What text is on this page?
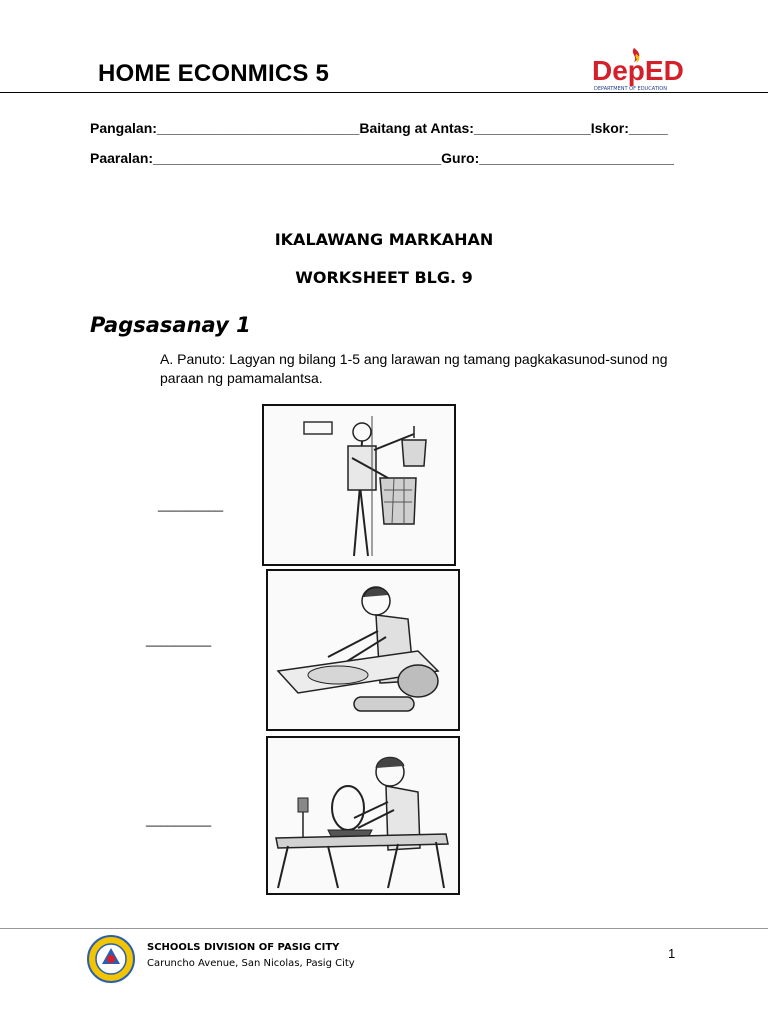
HOME ECONMICS 5	DepED
DEPARTMENT OF EDUCATION
Pangalan:__________________________Baitang at Antas:_______________Iskor:_____
Paaralan:_____________________________________Guro:_________________________
IKALAWANG MARKAHAN
WORKSHEET BLG. 9
Pagsasanay 1
A. Panuto: Lagyan ng bilang 1-5 ang larawan ng tamang pagkakasunod-sunod ng paraan ng pamamalantsa.
_________
_________
_________
SCHOOLS DIVISION OF PASIG CITY
Caruncho Avenue, San Nicolas, Pasig City
1
